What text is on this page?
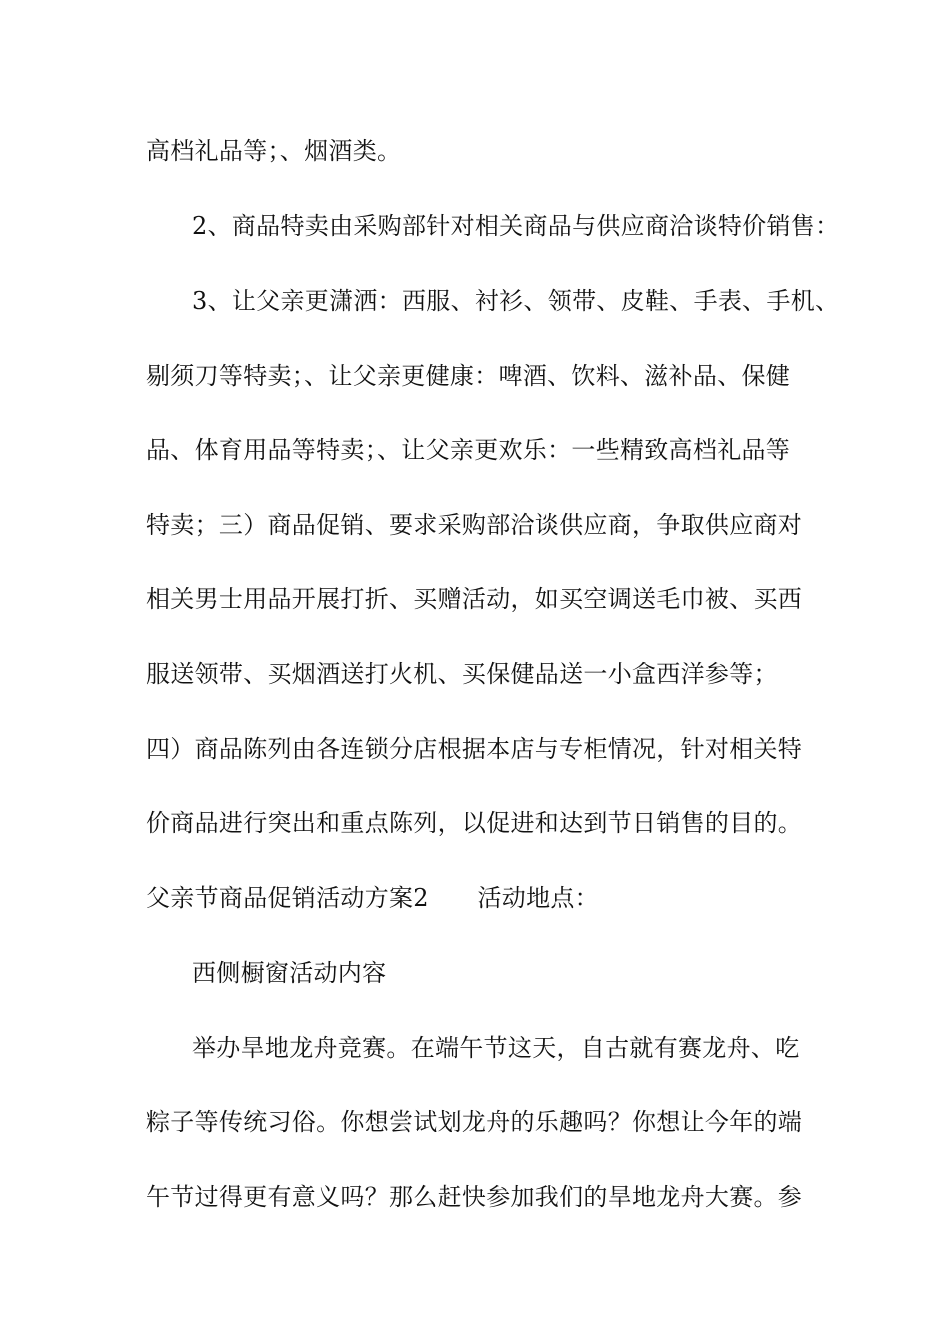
高档礼品等；、烟酒类。
2、商品特卖由采购部针对相关商品与供应商洽谈特价销售：
3、让父亲更潇洒：西服、衬衫、领带、皮鞋、手表、手机、
剔须刀等特卖；、让父亲更健康：啤酒、饮料、滋补品、保健
品、体育用品等特卖；、让父亲更欢乐：一些精致高档礼品等
特卖；三）商品促销、要求采购部洽谈供应商，争取供应商对
相关男士用品开展打折、买赠活动，如买空调送毛巾被、买西
服送领带、买烟酒送打火机、买保健品送一小盒西洋参等；
四）商品陈列由各连锁分店根据本店与专柜情况，针对相关特
价商品进行突出和重点陈列，以促进和达到节日销售的目的。
父亲节商品促销活动方案2　　活动地点：
西侧橱窗活动内容
举办旱地龙舟竞赛。在端午节这天，自古就有赛龙舟、吃
粽子等传统习俗。你想尝试划龙舟的乐趣吗？你想让今年的端
午节过得更有意义吗？那么赶快参加我们的旱地龙舟大赛。参
